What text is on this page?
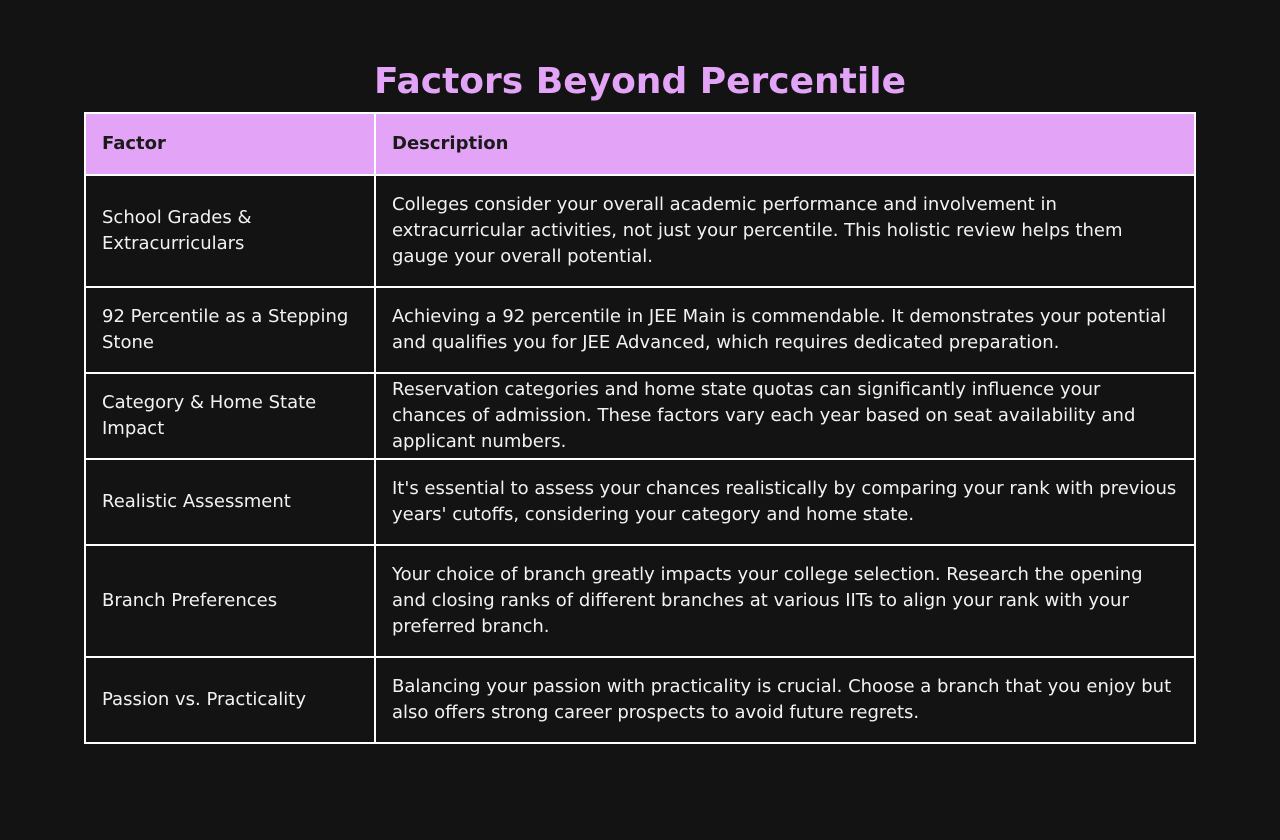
Factors Beyond Percentile
Factor	Description
School Grades & Extracurriculars	Colleges consider your overall academic performance and involvement in extracurricular activities, not just your percentile. This holistic review helps them gauge your overall potential.
92 Percentile as a Stepping Stone	Achieving a 92 percentile in JEE Main is commendable. It demonstrates your potential and qualifies you for JEE Advanced, which requires dedicated preparation.
Category & Home State Impact	Reservation categories and home state quotas can significantly influence your chances of admission. These factors vary each year based on seat availability and applicant numbers.
Realistic Assessment	It's essential to assess your chances realistically by comparing your rank with previous years' cutoffs, considering your category and home state.
Branch Preferences	Your choice of branch greatly impacts your college selection. Research the opening and closing ranks of different branches at various IITs to align your rank with your preferred branch.
Passion vs. Practicality	Balancing your passion with practicality is crucial. Choose a branch that you enjoy but also offers strong career prospects to avoid future regrets.
